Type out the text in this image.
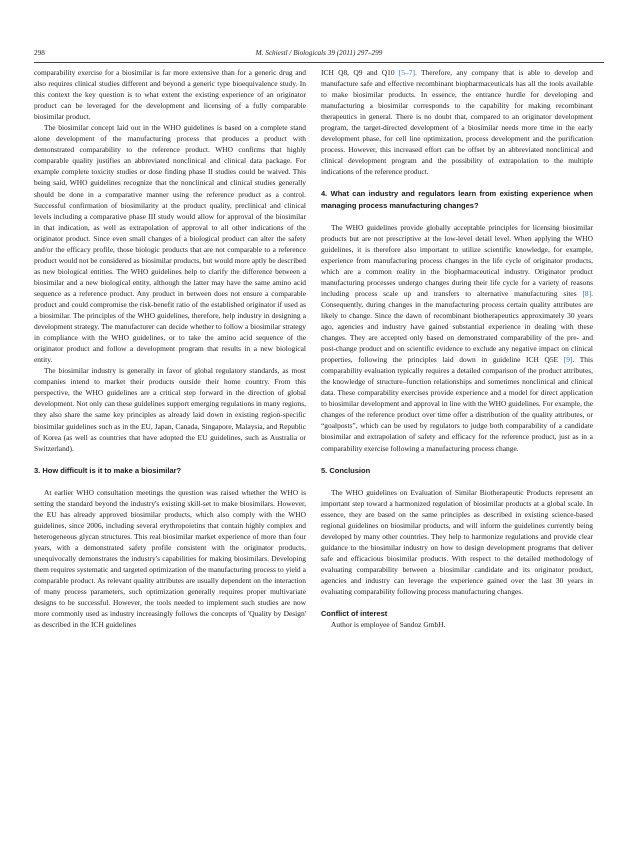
298	M. Schiestl / Biologicals 39 (2011) 297–299

comparability exercise for a biosimilar is far more extensive than for a generic drug and also requires clinical studies different and beyond a generic type bioequivalence study. In this context the key question is to what extent the existing experience of an originator product can be leveraged for the development and licensing of a fully comparable biosimilar product.

The biosimilar concept laid out in the WHO guidelines is based on a complete stand alone development of the manufacturing process that produces a product with demonstrated comparability to the reference product. WHO confirms that highly comparable quality justifies an abbreviated nonclinical and clinical data package. For example complete toxicity studies or dose finding phase II studies could be waived. This being said, WHO guidelines recognize that the nonclinical and clinical studies generally should be done in a comparative manner using the reference product as a control. Successful confirmation of biosimilarity at the product quality, preclinical and clinical levels including a comparative phase III study would allow for approval of the biosimilar in that indication, as well as extrapolation of approval to all other indications of the originator product. Since even small changes of a biological product can alter the safety and/or the efficacy profile, those biologic products that are not comparable to a reference product would not be considered as biosimilar products, but would more aptly be described as new biological entities. The WHO guidelines help to clarify the difference between a biosimilar and a new biological entity, although the latter may have the same amino acid sequence as a reference product. Any product in between does not ensure a comparable product and could compromise the risk-benefit ratio of the established originator if used as a biosimilar. The principles of the WHO guidelines, therefore, help industry in designing a development strategy. The manufacturer can decide whether to follow a biosimilar strategy in compliance with the WHO guidelines, or to take the amino acid sequence of the originator product and follow a development program that results in a new biological entity.

The biosimilar industry is generally in favor of global regulatory standards, as most companies intend to market their products outside their home country. From this perspective, the WHO guidelines are a critical step forward in the direction of global development. Not only can these guidelines support emerging regulations in many regions, they also share the same key principles as already laid down in existing region-specific biosimilar guidelines such as in the EU, Japan, Canada, Singapore, Malaysia, and Republic of Korea (as well as countries that have adopted the EU guidelines, such as Australia or Switzerland).

3. How difficult is it to make a biosimilar?

At earlier WHO consultation meetings the question was raised whether the WHO is setting the standard beyond the industry's existing skill-set to make biosimilars. However, the EU has already approved biosimilar products, which also comply with the WHO guidelines, since 2006, including several erythropoietins that contain highly complex and heterogeneous glycan structures. This real biosimilar market experience of more than four years, with a demonstrated safety profile consistent with the originator products, unequivocally demonstrates the industry's capabilities for making biosimilars. Developing them requires systematic and targeted optimization of the manufacturing process to yield a comparable product. As relevant quality attributes are usually dependent on the interaction of many process parameters, such optimization generally requires proper multivariate designs to be successful. However, the tools needed to implement such studies are now more commonly used as industry increasingly follows the concepts of 'Quality by Design' as described in the ICH guidelines

ICH Q8, Q9 and Q10 [5–7]. Therefore, any company that is able to develop and manufacture safe and effective recombinant biopharmaceuticals has all the tools available to make biosimilar products. In essence, the entrance hurdle for developing and manufacturing a biosimilar corresponds to the capability for making recombinant therapeutics in general. There is no doubt that, compared to an originator development program, the target-directed development of a biosimilar needs more time in the early development phase, for cell line optimization, process development and the purification process. However, this increased effort can be offset by an abbreviated nonclinical and clinical development program and the possibility of extrapolation to the multiple indications of the reference product.

4. What can industry and regulators learn from existing experience when managing process manufacturing changes?

The WHO guidelines provide globally acceptable principles for licensing biosimilar products but are not prescriptive at the low-level detail level. When applying the WHO guidelines, it is therefore also important to utilize scientific knowledge, for example, experience from manufacturing process changes in the life cycle of originator products, which are a common reality in the biopharmaceutical industry. Originator product manufacturing processes undergo changes during their life cycle for a variety of reasons including process scale up and transfers to alternative manufacturing sites [8]. Consequently, during changes in the manufacturing process certain quality attributes are likely to change. Since the dawn of recombinant biotherapeutics approximately 30 years ago, agencies and industry have gained substantial experience in dealing with these changes. They are accepted only based on demonstrated comparability of the pre- and post-change product and on scientific evidence to exclude any negative impact on clinical properties, following the principles laid down in guideline ICH Q5E [9]. This comparability evaluation typically requires a detailed comparison of the product attributes, the knowledge of structure–function relationships and sometimes nonclinical and clinical data. These comparability exercises provide experience and a model for direct application to biosimilar development and approval in line with the WHO guidelines. For example, the changes of the reference product over time offer a distribution of the quality attributes, or “goalposts”, which can be used by regulators to judge both comparability of a candidate biosimilar and extrapolation of safety and efficacy for the reference product, just as in a comparability exercise following a manufacturing process change.

5. Conclusion

The WHO guidelines on Evaluation of Similar Biotherapeutic Products represent an important step toward a harmonized regulation of biosimilar products at a global scale. In essence, they are based on the same principles as described in existing science-based regional guidelines on biosimilar products, and will inform the guidelines currently being developed by many other countries. They help to harmonize regulations and provide clear guidance to the biosimilar industry on how to design development programs that deliver safe and efficacious biosimilar products. With respect to the detailed methodology of evaluating comparability between a biosimilar candidate and its originator product, agencies and industry can leverage the experience gained over the last 30 years in evaluating comparability following process manufacturing changes.

Conflict of interest

Author is employee of Sandoz GmbH.
